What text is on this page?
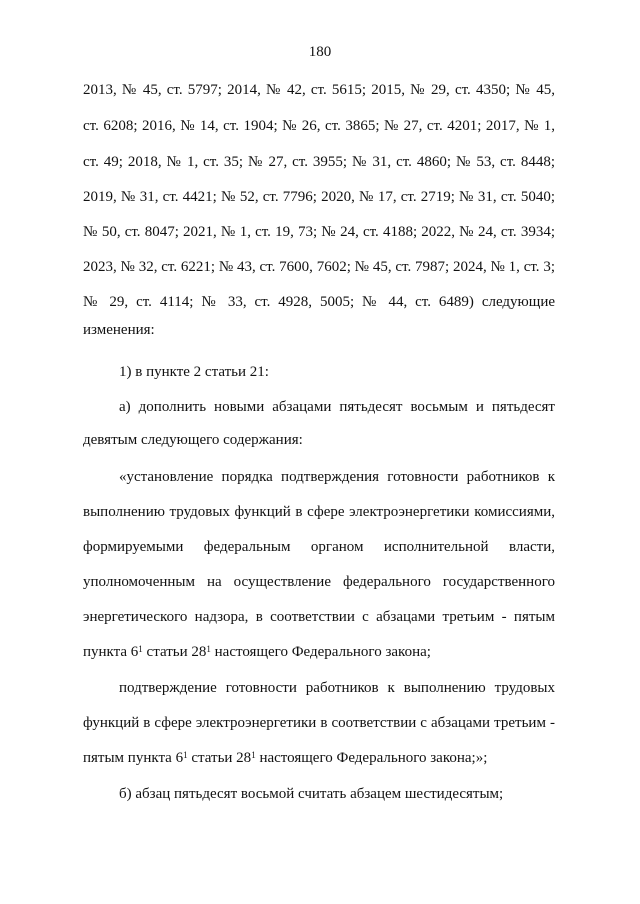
180
2013, № 45, ст. 5797; 2014, № 42, ст. 5615; 2015, № 29, ст. 4350; № 45,
ст. 6208; 2016, № 14, ст. 1904; № 26, ст. 3865; № 27, ст. 4201; 2017, № 1,
ст. 49; 2018, № 1, ст. 35; № 27, ст. 3955; № 31, ст. 4860; № 53, ст. 8448;
2019, № 31, ст. 4421; № 52, ст. 7796; 2020, № 17, ст. 2719; № 31, ст. 5040;
№ 50, ст. 8047; 2021, № 1, ст. 19, 73; № 24, ст. 4188; 2022, № 24, ст. 3934;
2023, № 32, ст. 6221; № 43, ст. 7600, 7602; № 45, ст. 7987; 2024, № 1, ст. 3;
№ 29, ст. 4114; № 33, ст. 4928, 5005; № 44, ст. 6489) следующие
изменения:
1) в пункте 2 статьи 21:
а) дополнить новыми абзацами пятьдесят восьмым и пятьдесят
девятым следующего содержания:
«установление порядка подтверждения готовности работников к
выполнению трудовых функций в сфере электроэнергетики комиссиями,
формируемыми федеральным органом исполнительной власти,
уполномоченным на осуществление федерального государственного
энергетического надзора, в соответствии с абзацами третьим - пятым
пункта $6^1$ статьи $28^1$ настоящего Федерального закона;
подтверждение готовности работников к выполнению трудовых
функций в сфере электроэнергетики в соответствии с абзацами третьим -
пятым пункта $6^1$ статьи $28^1$ настоящего Федерального закона;»;
б) абзац пятьдесят восьмой считать абзацем шестидесятым;
